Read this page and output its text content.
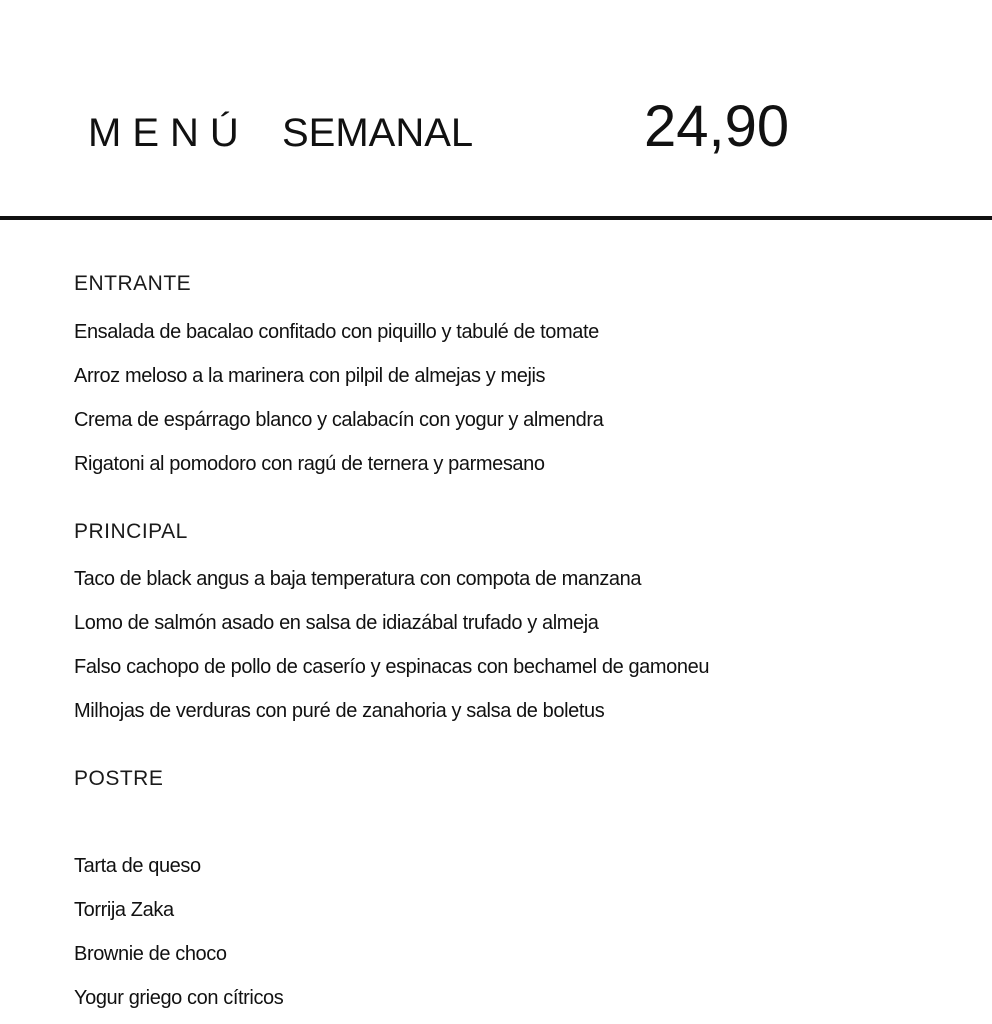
MENÚ SEMANAL	24,90
ENTRANTE
Ensalada de bacalao confitado con piquillo y tabulé de tomate
Arroz meloso a la marinera con pilpil de almejas y mejis
Crema de espárrago blanco y calabacín con yogur y almendra
Rigatoni al pomodoro con ragú de ternera y parmesano
PRINCIPAL
Taco de black angus a baja temperatura con compota de manzana
Lomo de salmón asado en salsa de idiazábal trufado y almeja
Falso cachopo de pollo de caserío y espinacas con bechamel de gamoneu
Milhojas de verduras con puré de zanahoria y salsa de boletus
POSTRE
Tarta de queso
Torrija Zaka
Brownie de choco
Yogur griego con cítricos
